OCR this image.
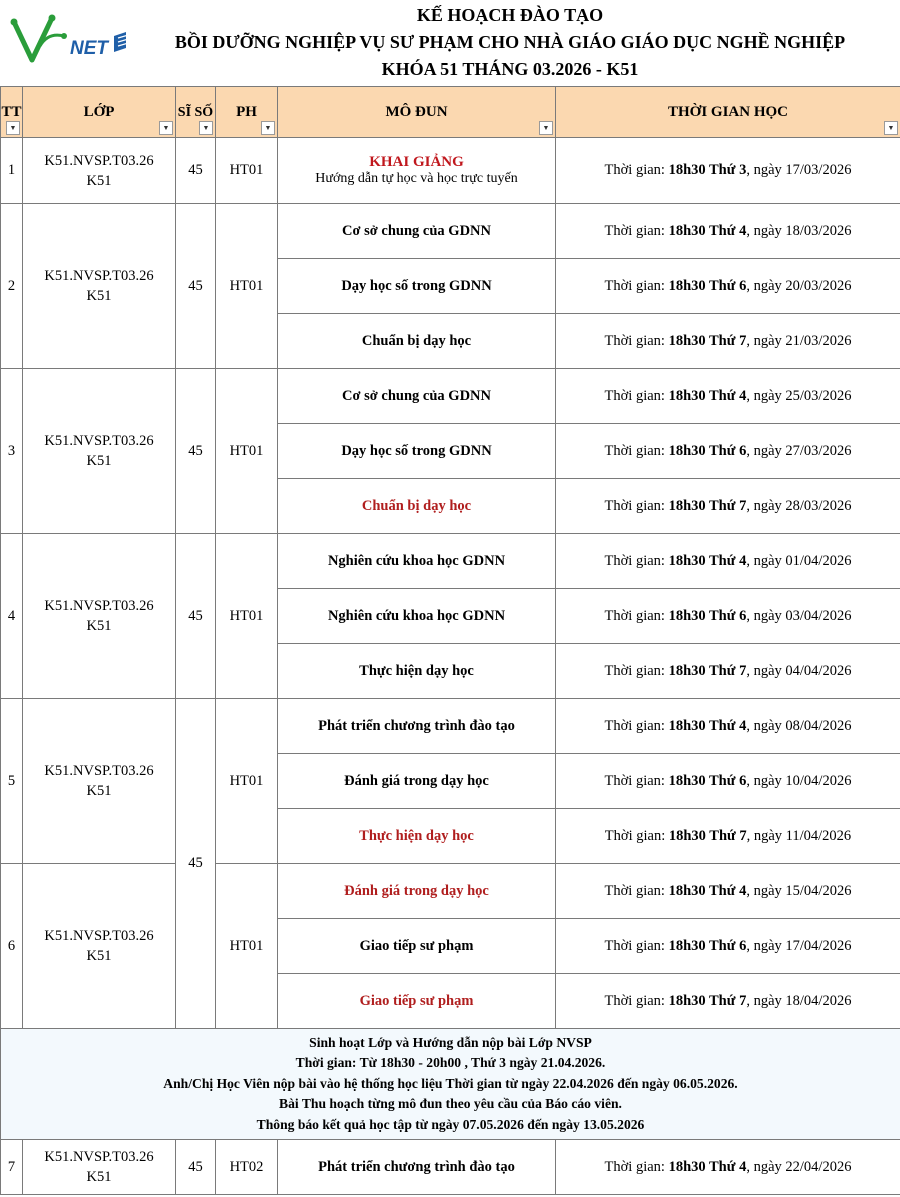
NET
KẾ HOẠCH ĐÀO TẠO
BỒI DƯỠNG NGHIỆP VỤ SƯ PHẠM CHO NHÀ GIÁO GIÁO DỤC NGHỀ NGHIỆP
KHÓA 51 THÁNG 03.2026 - K51
TT
▼	LỚP
▼	SĨ SỐ
▼	PH
▼	MÔ ĐUN
▼	THỜI GIAN HỌC
▼

1	K51.NVSP.T03.26
K51	45	HT01	KHAI GIẢNG
Hướng dẫn tự học và học trực tuyến	Thời gian: 18h30 Thứ 3, ngày 17/03/2026
2	K51.NVSP.T03.26
K51	45	HT01	Cơ sở chung của GDNN	Thời gian: 18h30 Thứ 4, ngày 18/03/2026
				Dạy học số trong GDNN	Thời gian: 18h30 Thứ 6, ngày 20/03/2026
				Chuẩn bị dạy học	Thời gian: 18h30 Thứ 7, ngày 21/03/2026
3	K51.NVSP.T03.26
K51	45	HT01	Cơ sở chung của GDNN	Thời gian: 18h30 Thứ 4, ngày 25/03/2026
				Dạy học số trong GDNN	Thời gian: 18h30 Thứ 6, ngày 27/03/2026
				Chuẩn bị dạy học	Thời gian: 18h30 Thứ 7, ngày 28/03/2026
4	K51.NVSP.T03.26
K51	45	HT01	Nghiên cứu khoa học GDNN	Thời gian: 18h30 Thứ 4, ngày 01/04/2026
				Nghiên cứu khoa học GDNN	Thời gian: 18h30 Thứ 6, ngày 03/04/2026
				Thực hiện dạy học	Thời gian: 18h30 Thứ 7, ngày 04/04/2026
5	K51.NVSP.T03.26
K51	45	HT01	Phát triển chương trình đào tạo	Thời gian: 18h30 Thứ 4, ngày 08/04/2026
				Đánh giá trong dạy học	Thời gian: 18h30 Thứ 6, ngày 10/04/2026
				Thực hiện dạy học	Thời gian: 18h30 Thứ 7, ngày 11/04/2026
6	K51.NVSP.T03.26
K51		HT01	Đánh giá trong dạy học	Thời gian: 18h30 Thứ 4, ngày 15/04/2026
				Giao tiếp sư phạm	Thời gian: 18h30 Thứ 6, ngày 17/04/2026
				Giao tiếp sư phạm	Thời gian: 18h30 Thứ 7, ngày 18/04/2026

Sinh hoạt Lớp và Hướng dẫn nộp bài Lớp NVSP
Thời gian: Từ 18h30 - 20h00 , Thứ 3 ngày 21.04.2026.
Anh/Chị Học Viên nộp bài vào hệ thống học liệu Thời gian từ ngày 22.04.2026 đến ngày 06.05.2026.
Bài Thu hoạch từng mô đun theo yêu cầu của Báo cáo viên.
Thông báo kết quả học tập từ ngày 07.05.2026 đến ngày 13.05.2026					

7	K51.NVSP.T03.26
K51	45	HT02	Phát triển chương trình đào tạo	Thời gian: 18h30 Thứ 4, ngày 22/04/2026
